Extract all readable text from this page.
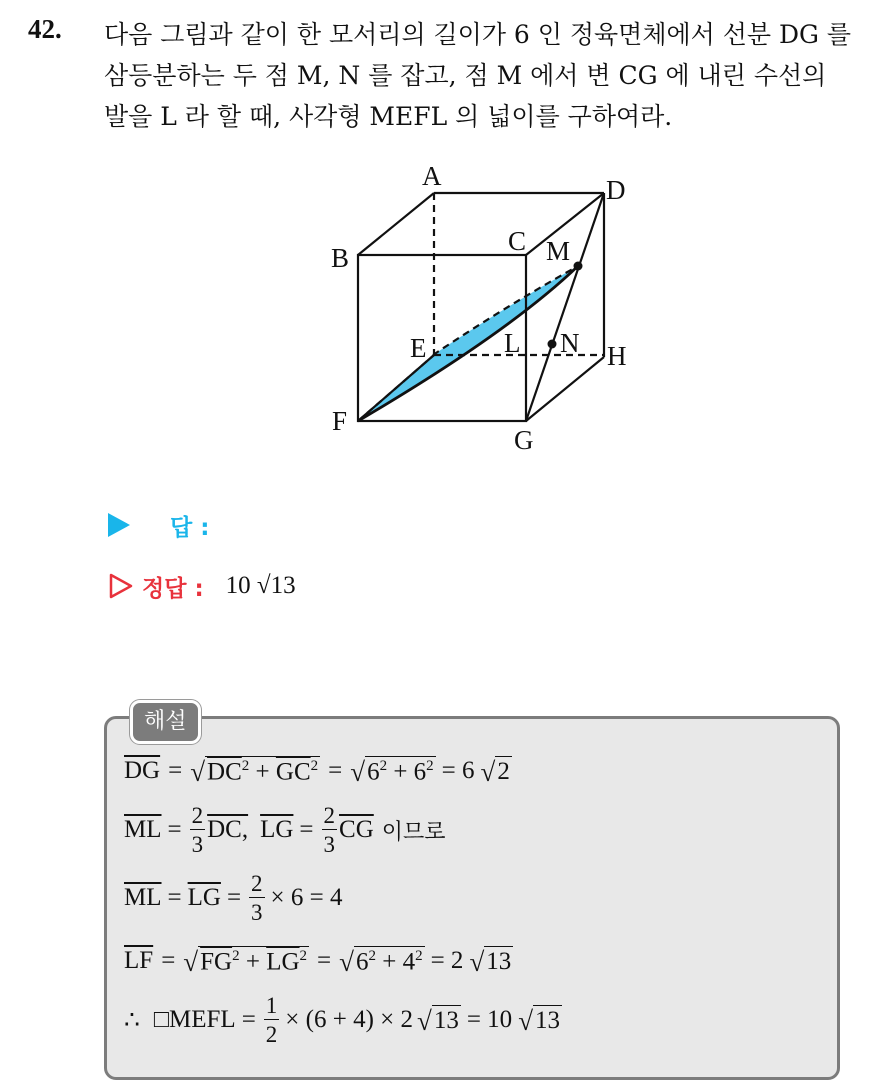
42. 다음 그림과 같이 한 모서리의 길이가 6 인 정육면체에서 선분 DG 를
삼등분하는 두 점 M, N 를 잡고, 점 M 에서 변 CG 에 내린 수선의
발을 L 라 할 때, 사각형 MEFL 의 넓이를 구하여라.
A
B
C
D
E
F
G
H
M
N
L
답 :
정답 : 10 √13
해설
$\overline{DG}$ = √ $DC^2 + \overline{GC}^2$ = √ $6^2 + 6^2 = 6$ √ 2
$\overline{ML} = \frac{2}{3}$ DC, $\overline{LG} = \frac{2}{3} \overline{CG}$ 이므로
$\overline{ML} = \overline{LG} = \frac{2}{3} \times 6 = 4$
$\overline{LF}$ = √ $FG^2 + \overline{LG}^2$ = √ $6^2 + 4^2 = 2$ √ 13
∴ □MEFL = $\frac{1}{2} \times (6 + 4) \times 2$ √ 13 = 10 √ 13
